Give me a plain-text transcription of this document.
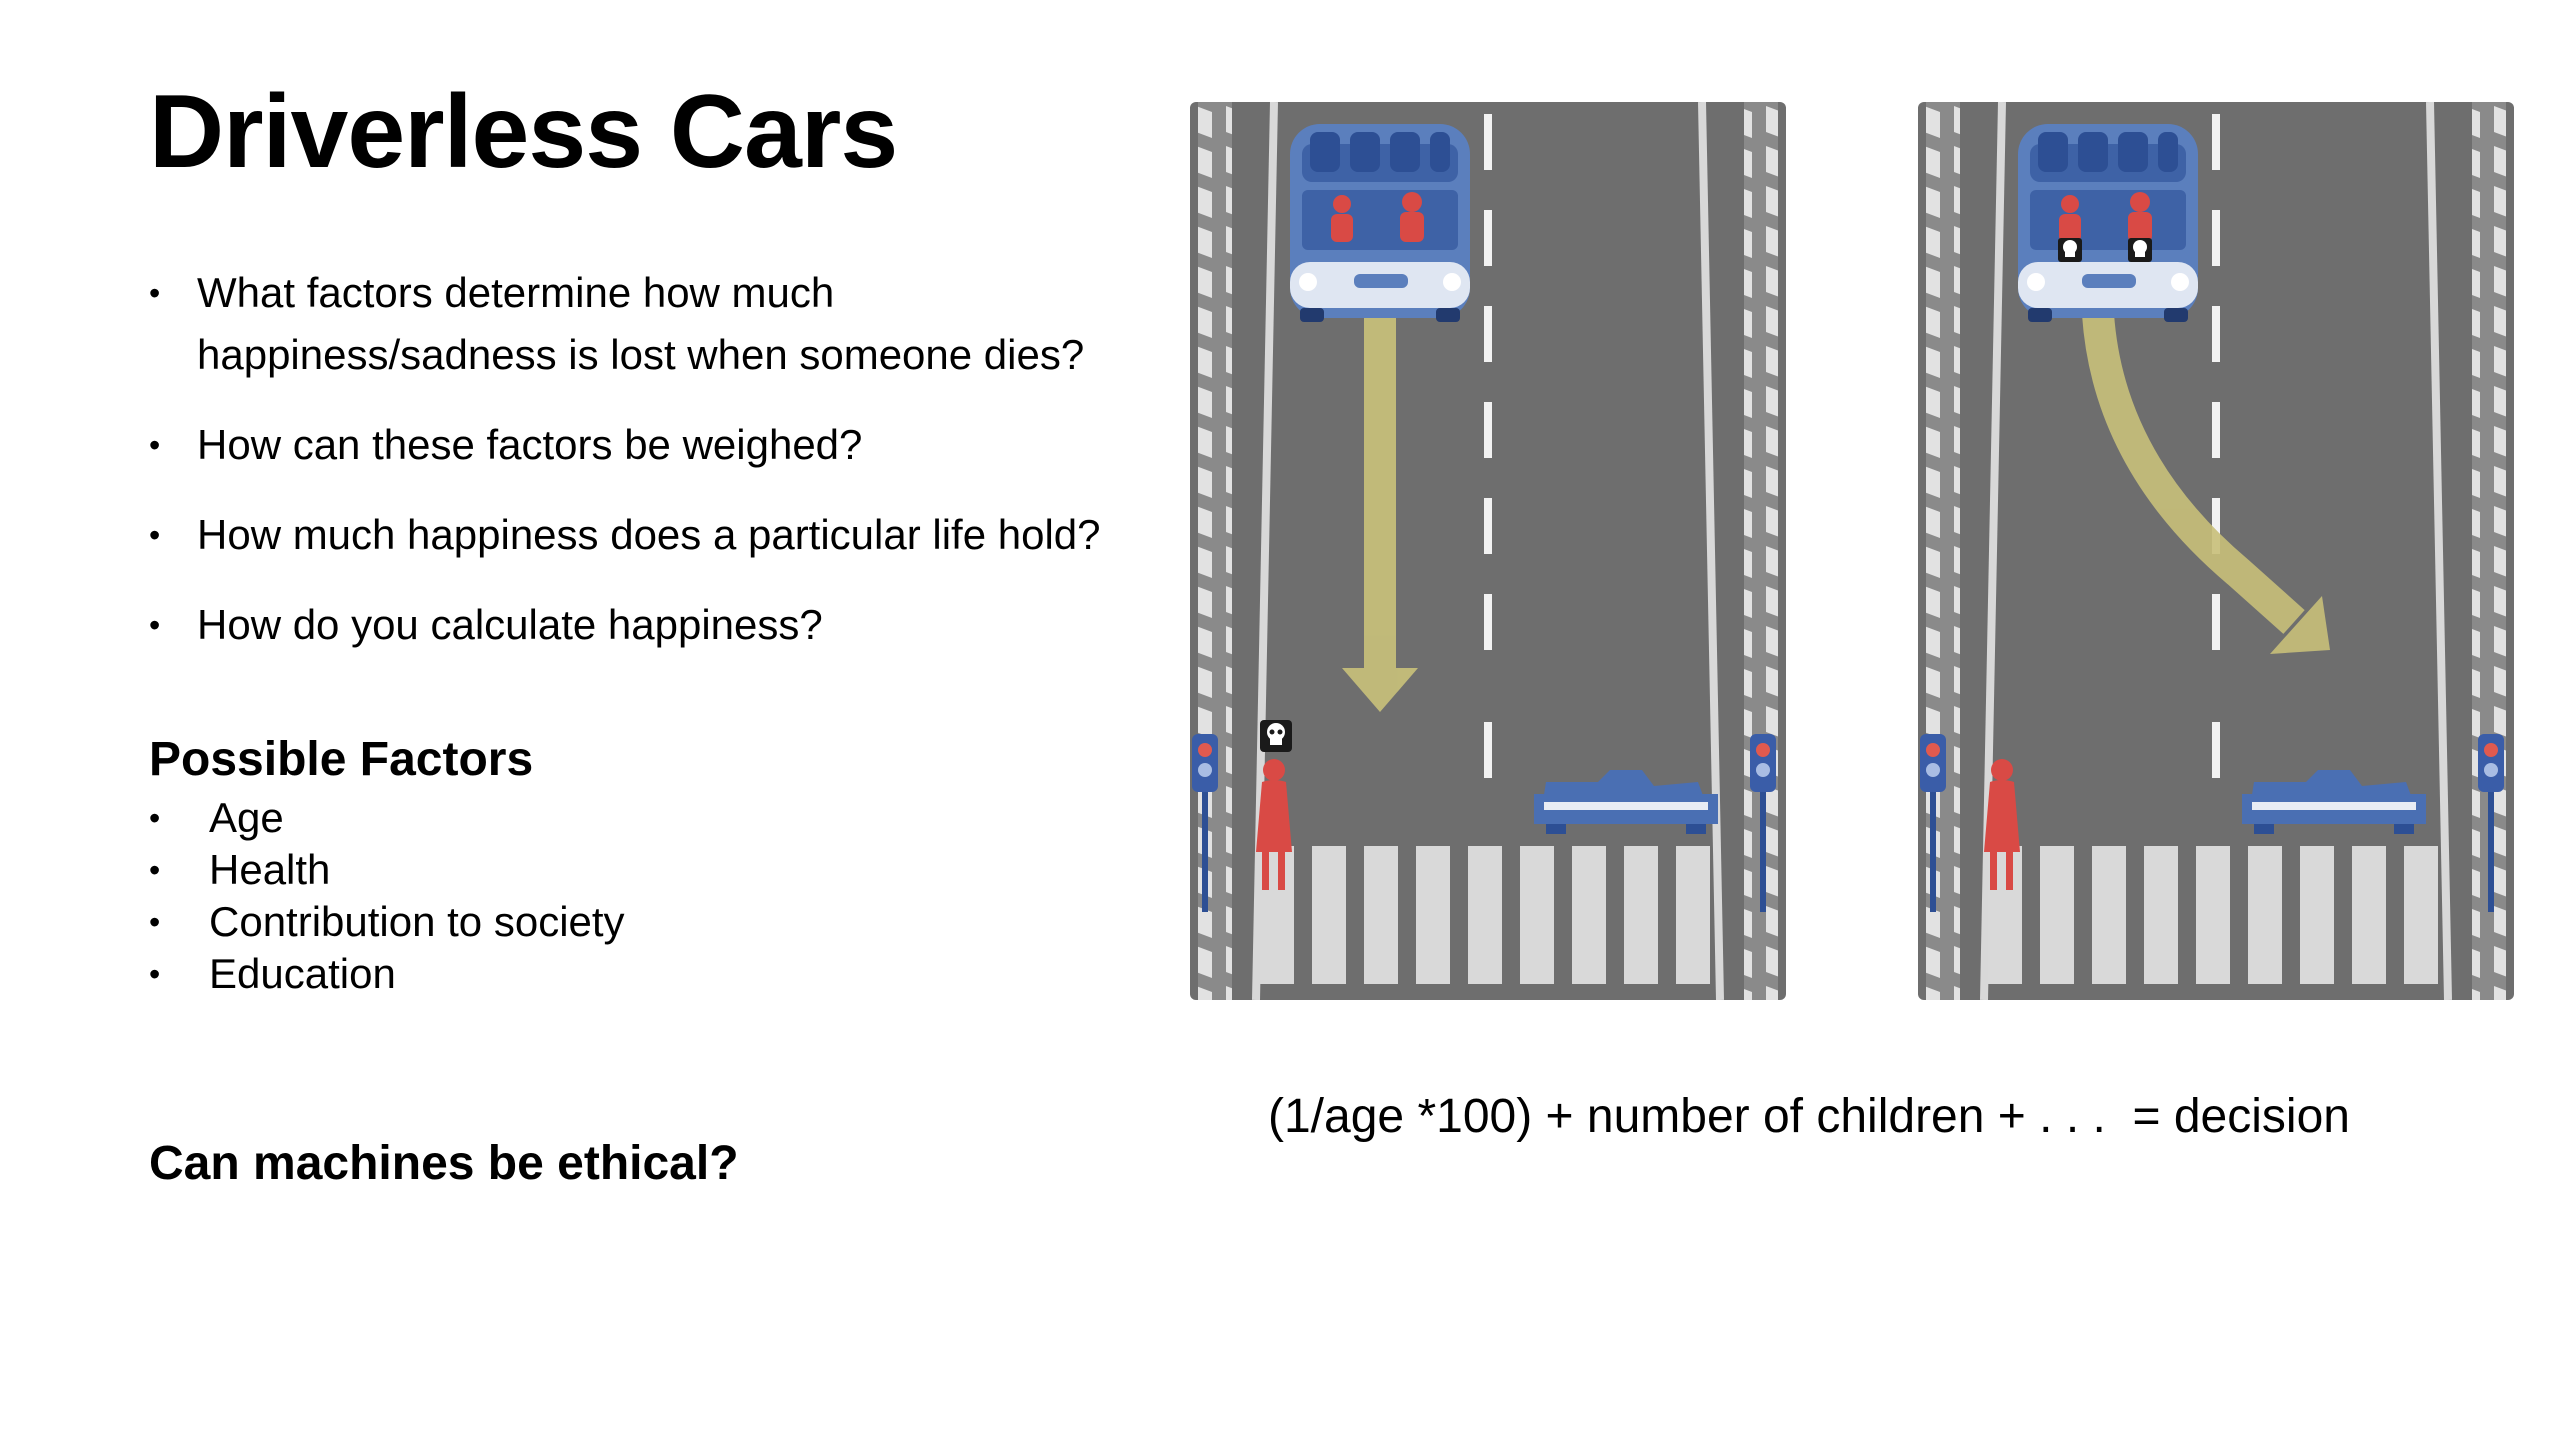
Driverless Cars
• What factors determine how much happiness/sadness is lost when someone dies?
• How can these factors be weighed?
• How much happiness does a particular life hold?
• How do you calculate happiness?
Possible Factors
• Age
• Health
• Contribution to society
• Education
Can machines be ethical?

(1/age *100) + number of children + . . .  = decision
